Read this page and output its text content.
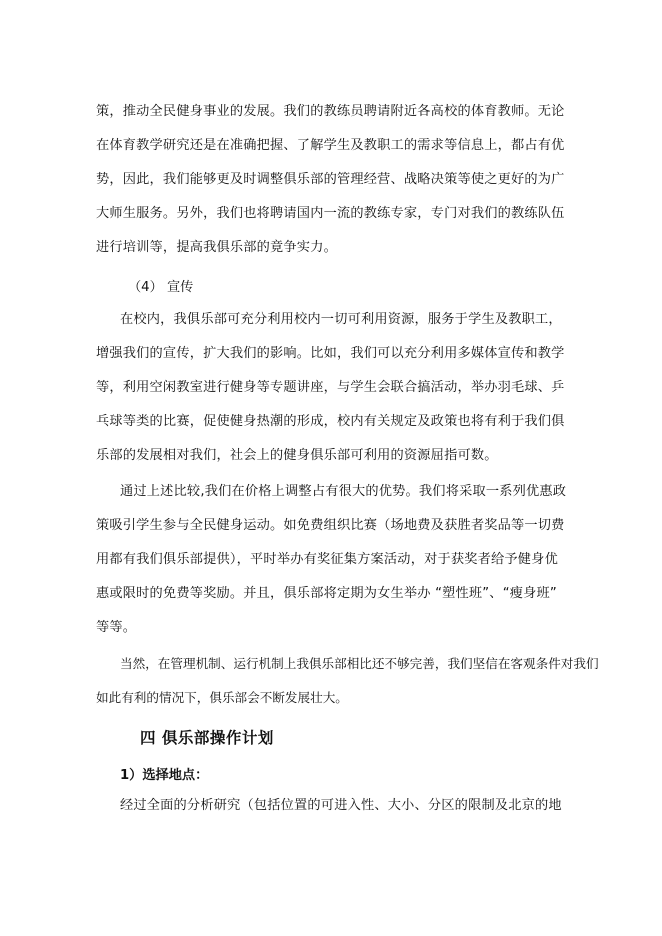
策，推动全民健身事业的发展。我们的教练员聘请附近各高校的体育教师。无论
在体育教学研究还是在准确把握、了解学生及教职工的需求等信息上，都占有优
势，因此，我们能够更及时调整俱乐部的管理经营、战略决策等使之更好的为广
大师生服务。另外，我们也将聘请国内一流的教练专家，专门对我们的教练队伍
进行培训等，提高我俱乐部的竟争实力。
（4） 宣传
在校内，我俱乐部可充分利用校内一切可利用资源，服务于学生及教职工，
增强我们的宣传，扩大我们的影响。比如，我们可以充分利用多媒体宣传和教学
等，利用空闲教室进行健身等专题讲座，与学生会联合搞活动，举办羽毛球、乒
乓球等类的比赛，促使健身热潮的形成，校内有关规定及政策也将有利于我们俱
乐部的发展相对我们，社会上的健身俱乐部可利用的资源屈指可数。
通过上述比较,我们在价格上调整占有很大的优势。我们将采取一系列优惠政
策吸引学生参与全民健身运动。如免费组织比赛（场地费及获胜者奖品等一切费
用都有我们俱乐部提供），平时举办有奖征集方案活动，对于获奖者给予健身优
惠或限时的免费等奖励。并且，俱乐部将定期为女生举办 “塑性班”、“瘦身班”
等等。
当然，在管理机制、运行机制上我俱乐部相比还不够完善，我们坚信在客观条件对我们
如此有利的情况下，俱乐部会不断发展壮大。
四 俱乐部操作计划
1）选择地点：
经过全面的分析研究（包括位置的可进入性、大小、分区的限制及北京的地
